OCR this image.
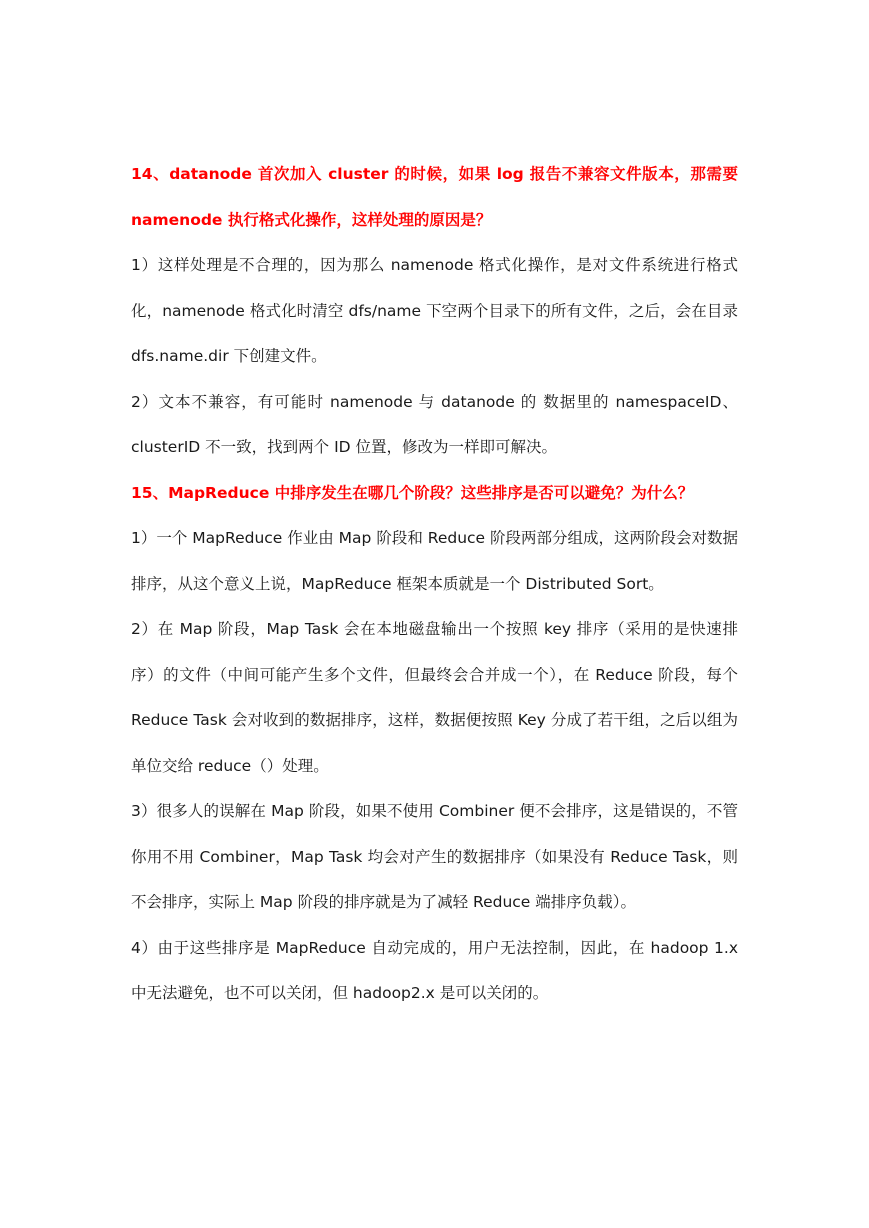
14、datanode 首次加入 cluster 的时候，如果 log 报告不兼容文件版本，那需要 namenode 执行格式化操作，这样处理的原因是？

1）这样处理是不合理的，因为那么 namenode 格式化操作，是对文件系统进行格式化，namenode 格式化时清空 dfs/name 下空两个目录下的所有文件，之后，会在目录 dfs.name.dir 下创建文件。

2）文本不兼容，有可能时 namenode 与 datanode 的 数据里的 namespaceID、clusterID 不一致，找到两个 ID 位置，修改为一样即可解决。

15、MapReduce 中排序发生在哪几个阶段？这些排序是否可以避免？为什么？

1）一个 MapReduce 作业由 Map 阶段和 Reduce 阶段两部分组成，这两阶段会对数据排序，从这个意义上说，MapReduce 框架本质就是一个 Distributed Sort。

2）在 Map 阶段，Map Task 会在本地磁盘输出一个按照 key 排序（采用的是快速排序）的文件（中间可能产生多个文件，但最终会合并成一个），在 Reduce 阶段，每个 Reduce Task 会对收到的数据排序，这样，数据便按照 Key 分成了若干组，之后以组为单位交给 reduce（）处理。

3）很多人的误解在 Map 阶段，如果不使用 Combiner 便不会排序，这是错误的，不管你用不用 Combiner，Map Task 均会对产生的数据排序（如果没有 Reduce Task，则不会排序，实际上 Map 阶段的排序就是为了减轻 Reduce 端排序负载）。

4）由于这些排序是 MapReduce 自动完成的，用户无法控制，因此，在 hadoop 1.x 中无法避免，也不可以关闭，但 hadoop2.x 是可以关闭的。
